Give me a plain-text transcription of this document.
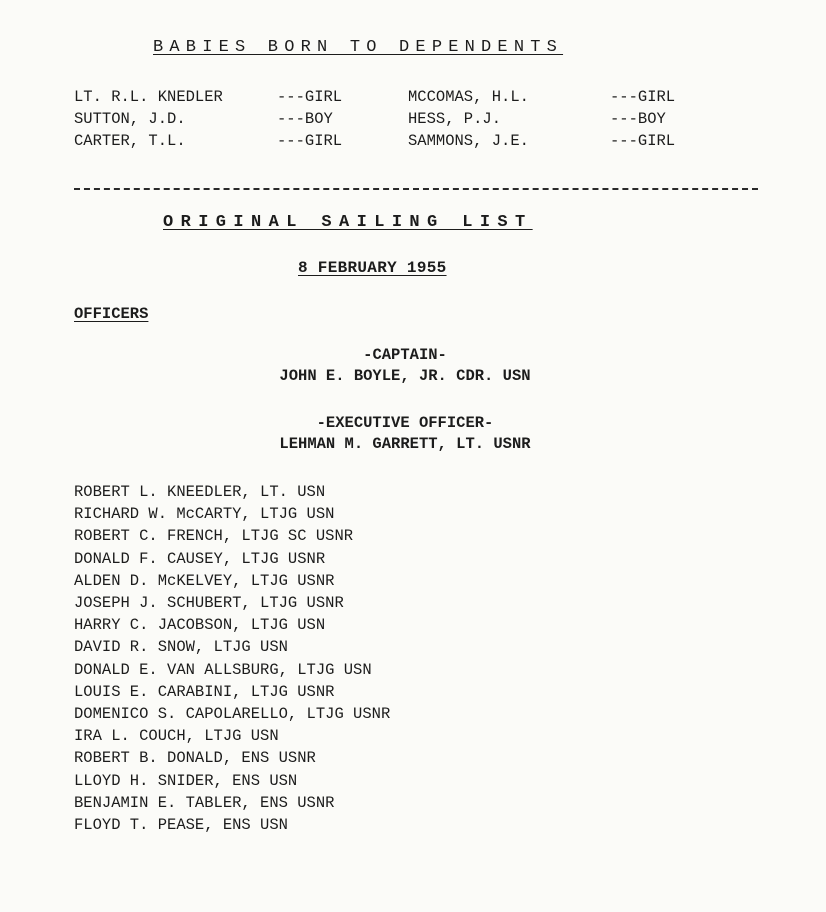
BABIES BORN TO DEPENDENTS
LT. R.L. KNEDLER	---GIRL	MCCOMAS, H.L.	---GIRL
SUTTON, J.D.	---BOY	HESS, P.J.	---BOY
CARTER, T.L.	---GIRL	SAMMONS, J.E.	---GIRL
ORIGINAL SAILING LIST
8 FEBRUARY 1955
OFFICERS
-CAPTAIN-
JOHN E. BOYLE, JR. CDR. USN
-EXECUTIVE OFFICER-
LEHMAN M. GARRETT, LT. USNR
ROBERT L. KNEEDLER, LT. USN
RICHARD W. McCARTY, LTJG USN
ROBERT C. FRENCH, LTJG SC USNR
DONALD F. CAUSEY, LTJG USNR
ALDEN D. McKELVEY, LTJG USNR
JOSEPH J. SCHUBERT, LTJG USNR
HARRY C. JACOBSON, LTJG USN
DAVID R. SNOW, LTJG USN
DONALD E. VAN ALLSBURG, LTJG USN
LOUIS E. CARABINI, LTJG USNR
DOMENICO S. CAPOLARELLO, LTJG USNR
IRA L. COUCH, LTJG USN
ROBERT B. DONALD, ENS USNR
LLOYD H. SNIDER, ENS USN
BENJAMIN E. TABLER, ENS USNR
FLOYD T. PEASE, ENS USN
